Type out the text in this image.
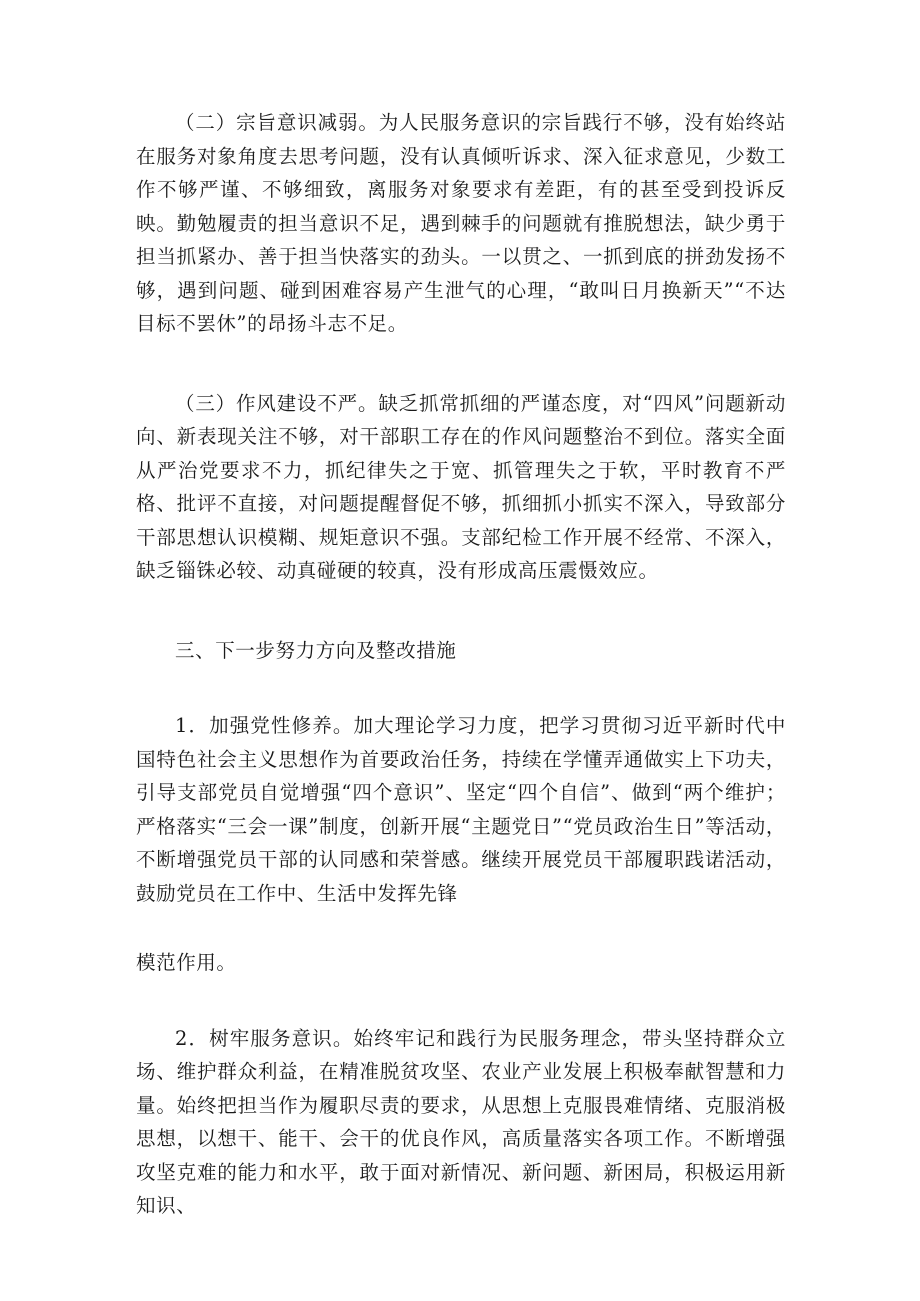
（二）宗旨意识减弱。为人民服务意识的宗旨践行不够，没有始终站在服务对象角度去思考问题，没有认真倾听诉求、深入征求意见，少数工作不够严谨、不够细致，离服务对象要求有差距，有的甚至受到投诉反映。勤勉履责的担当意识不足，遇到棘手的问题就有推脱想法，缺少勇于担当抓紧办、善于担当快落实的劲头。一以贯之、一抓到底的拼劲发扬不够，遇到问题、碰到困难容易产生泄气的心理，“敢叫日月换新天”“不达目标不罢休”的昂扬斗志不足。

（三）作风建设不严。缺乏抓常抓细的严谨态度，对“四风”问题新动向、新表现关注不够，对干部职工存在的作风问题整治不到位。落实全面从严治党要求不力，抓纪律失之于宽、抓管理失之于软，平时教育不严格、批评不直接，对问题提醒督促不够，抓细抓小抓实不深入，导致部分干部思想认识模糊、规矩意识不强。支部纪检工作开展不经常、不深入，缺乏锱铢必较、动真碰硬的较真，没有形成高压震慑效应。

三、下一步努力方向及整改措施

1．加强党性修养。加大理论学习力度，把学习贯彻习近平新时代中国特色社会主义思想作为首要政治任务，持续在学懂弄通做实上下功夫，引导支部党员自觉增强“四个意识”、坚定“四个自信”、做到“两个维护；严格落实“三会一课”制度，创新开展“主题党日”“党员政治生日”等活动，不断增强党员干部的认同感和荣誉感。继续开展党员干部履职践诺活动，鼓励党员在工作中、生活中发挥先锋

模范作用。

2．树牢服务意识。始终牢记和践行为民服务理念，带头坚持群众立场、维护群众利益，在精准脱贫攻坚、农业产业发展上积极奉献智慧和力量。始终把担当作为履职尽责的要求，从思想上克服畏难情绪、克服消极思想，以想干、能干、会干的优良作风，高质量落实各项工作。不断增强攻坚克难的能力和水平，敢于面对新情况、新问题、新困局，积极运用新知识、
